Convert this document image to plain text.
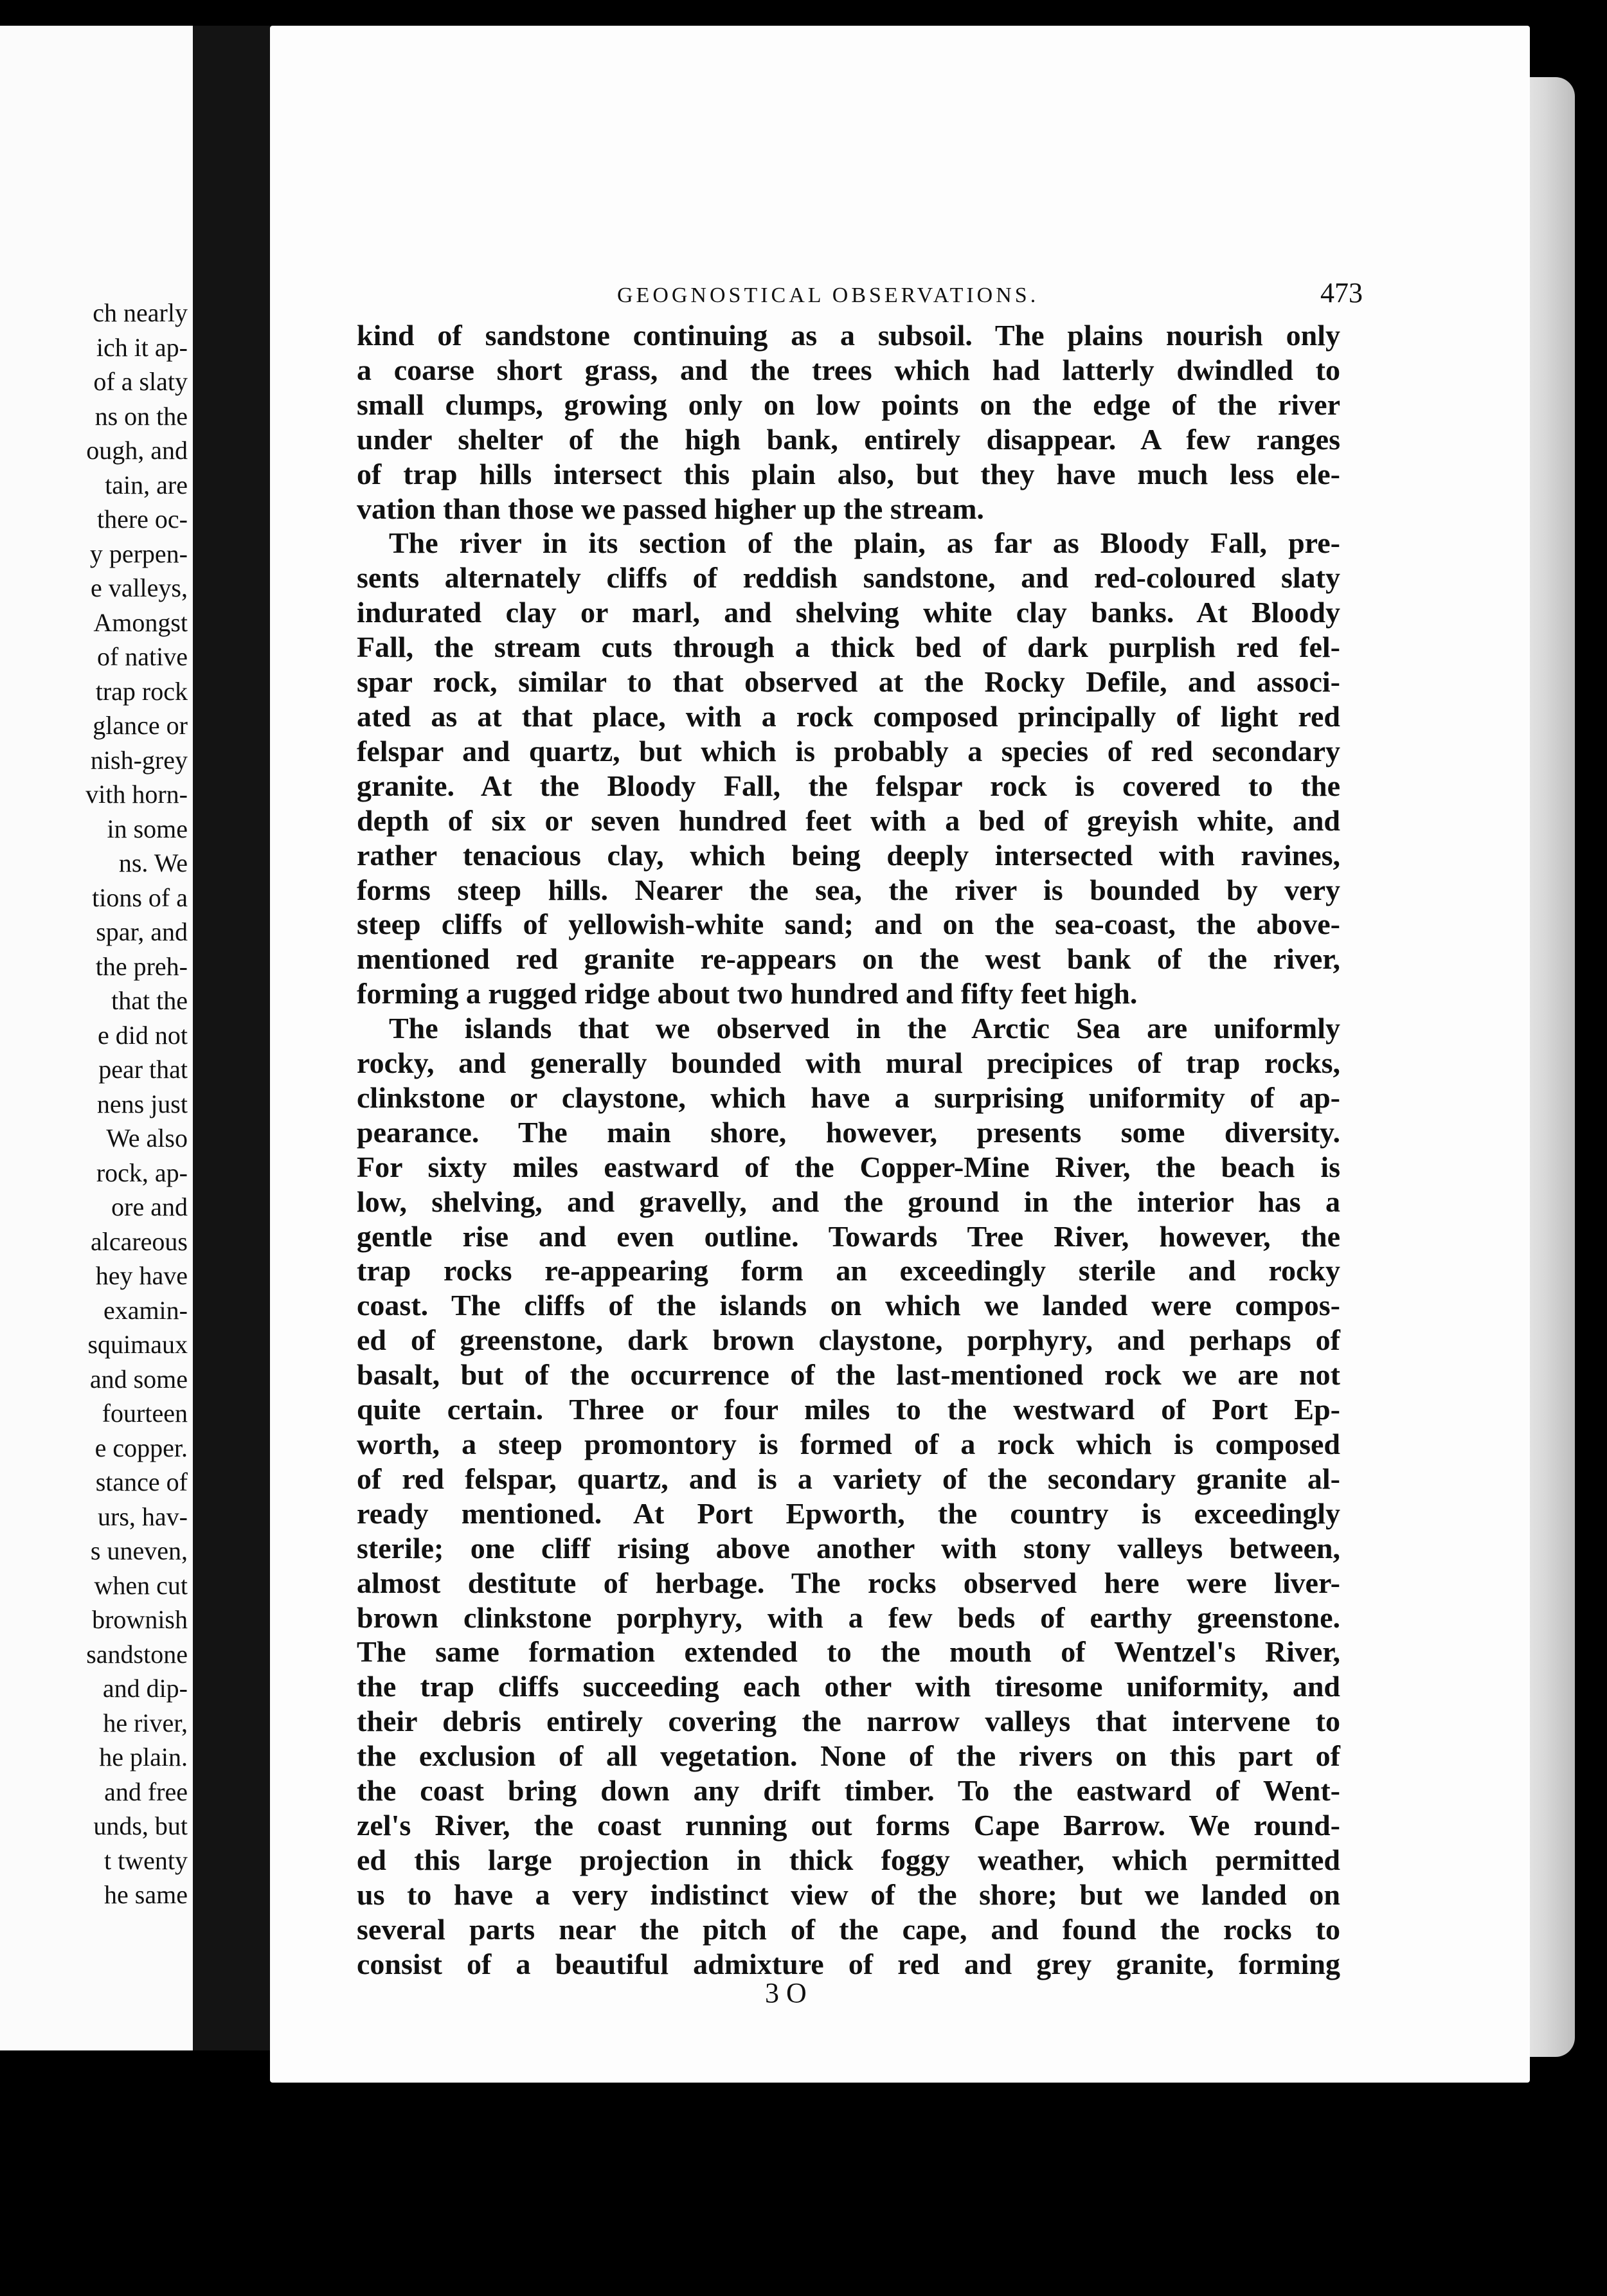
ch nearly
ich it ap-
of a slaty
ns on the
ough, and
tain, are
there oc-
y perpen-
e valleys,
Amongst
of native
trap rock
glance or
nish-grey
vith horn-
in some
ns. We
tions of a
spar, and
the preh-
that the
e did not
pear that
nens just
We also
rock, ap-
ore and
alcareous
hey have
examin-
squimaux
and some
fourteen
e copper.
stance of
urs, hav-
s uneven,
when cut
brownish
sandstone
and dip-
he river,
he plain.
and free
unds, but
t twenty
he same
GEOGNOSTICAL OBSERVATIONS.	473
kind of sandstone continuing as a subsoil. The plains nourish only
a coarse short grass, and the trees which had latterly dwindled to
small clumps, growing only on low points on the edge of the river
under shelter of the high bank, entirely disappear. A few ranges
of trap hills intersect this plain also, but they have much less ele-
vation than those we passed higher up the stream.
The river in its section of the plain, as far as Bloody Fall, pre-
sents alternately cliffs of reddish sandstone, and red-coloured slaty
indurated clay or marl, and shelving white clay banks. At Bloody
Fall, the stream cuts through a thick bed of dark purplish red fel-
spar rock, similar to that observed at the Rocky Defile, and associ-
ated as at that place, with a rock composed principally of light red
felspar and quartz, but which is probably a species of red secondary
granite. At the Bloody Fall, the felspar rock is covered to the
depth of six or seven hundred feet with a bed of greyish white, and
rather tenacious clay, which being deeply intersected with ravines,
forms steep hills. Nearer the sea, the river is bounded by very
steep cliffs of yellowish-white sand; and on the sea-coast, the above-
mentioned red granite re-appears on the west bank of the river,
forming a rugged ridge about two hundred and fifty feet high.
The islands that we observed in the Arctic Sea are uniformly
rocky, and generally bounded with mural precipices of trap rocks,
clinkstone or claystone, which have a surprising uniformity of ap-
pearance. The main shore, however, presents some diversity.
For sixty miles eastward of the Copper-Mine River, the beach is
low, shelving, and gravelly, and the ground in the interior has a
gentle rise and even outline. Towards Tree River, however, the
trap rocks re-appearing form an exceedingly sterile and rocky
coast. The cliffs of the islands on which we landed were compos-
ed of greenstone, dark brown claystone, porphyry, and perhaps of
basalt, but of the occurrence of the last-mentioned rock we are not
quite certain. Three or four miles to the westward of Port Ep-
worth, a steep promontory is formed of a rock which is composed
of red felspar, quartz, and is a variety of the secondary granite al-
ready mentioned. At Port Epworth, the country is exceedingly
sterile; one cliff rising above another with stony valleys between,
almost destitute of herbage. The rocks observed here were liver-
brown clinkstone porphyry, with a few beds of earthy greenstone.
The same formation extended to the mouth of Wentzel's River,
the trap cliffs succeeding each other with tiresome uniformity, and
their debris entirely covering the narrow valleys that intervene to
the exclusion of all vegetation. None of the rivers on this part of
the coast bring down any drift timber. To the eastward of Went-
zel's River, the coast running out forms Cape Barrow. We round-
ed this large projection in thick foggy weather, which permitted
us to have a very indistinct view of the shore; but we landed on
several parts near the pitch of the cape, and found the rocks to
consist of a beautiful admixture of red and grey granite, forming
3 O
